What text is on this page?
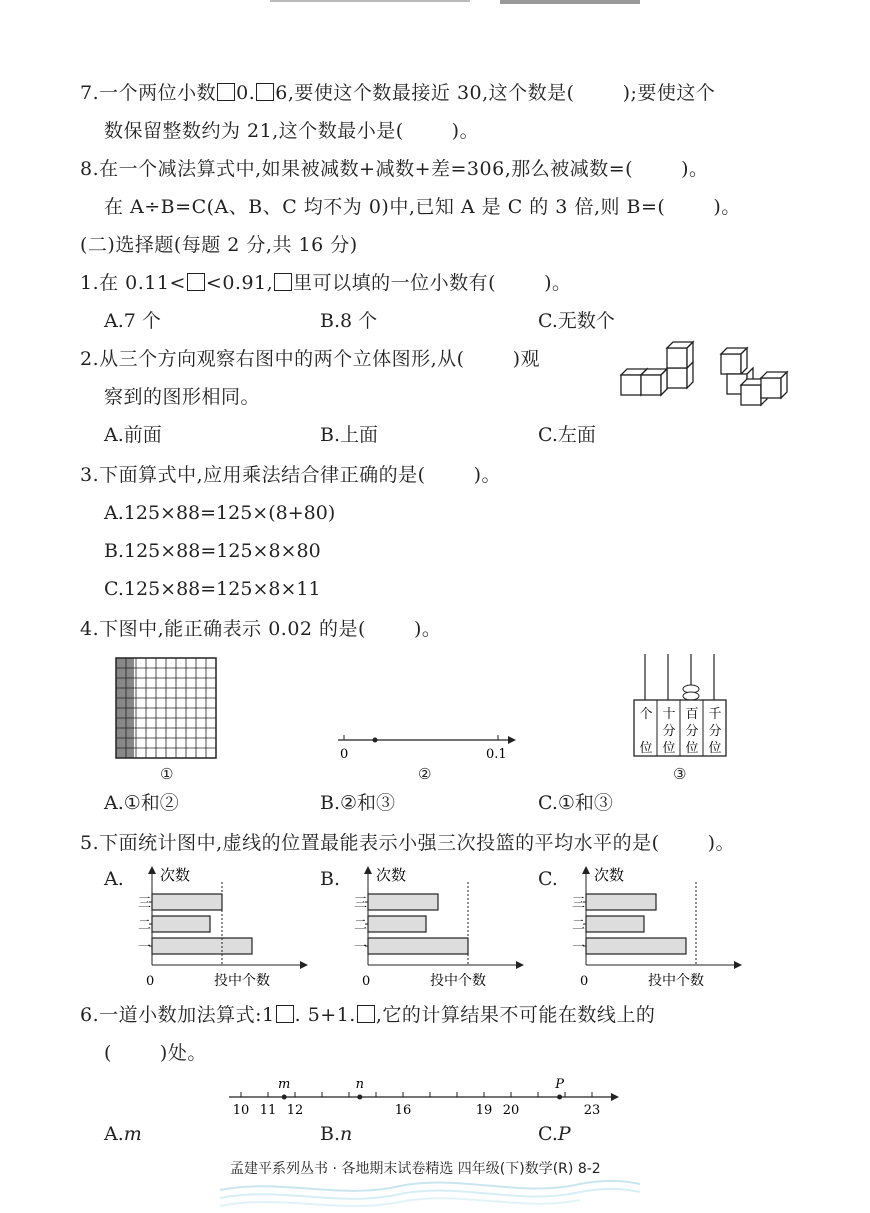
7.一个两位小数 0. 6,要使这个数最接近 30,这个数是(	);要使这个
数保留整数约为 21,这个数最小是(	)。
8.在一个减法算式中,如果被减数+减数+差=306,那么被减数=(	)。
在 A÷B=C(A、B、C 均不为 0)中,已知 A 是 C 的 3 倍,则 B=(	)。
(二)选择题(每题 2 分,共 16 分)
1.在 0.11< <0.91, 里可以填的一位小数有(	)。
A.7 个	B.8 个	C.无数个
2.从三个方向观察右图中的两个立体图形,从(	)观
察到的图形相同。
A.前面	B.上面	C.左面
3.下面算式中,应用乘法结合律正确的是(	)。
A.125×88=125×(8+80)
B.125×88=125×8×80
C.125×88=125×8×11
4.下图中,能正确表示 0.02 的是(	)。
①
0	0.1
②
个
位
十
分
位
百
分
位
千
分
位
③
A.①和②	B.②和③	C.①和③
5.下面统计图中,虚线的位置最能表示小强三次投篮的平均水平的是(	)。
A. 次数
0	投中个数
三
二
一
B. 次数
0	投中个数
三
二
一
C. 次数
0	投中个数
三
二
一
6.一道小数加法算式:1 . 5+1. ,它的计算结果不可能在数线上的
(	)处。
10 11 12	16	19 20	23
m	n	P
A.m	B.n	C.P
孟建平系列丛书 · 各地期末试卷精选 四年级(下)数学(R) 8-2
